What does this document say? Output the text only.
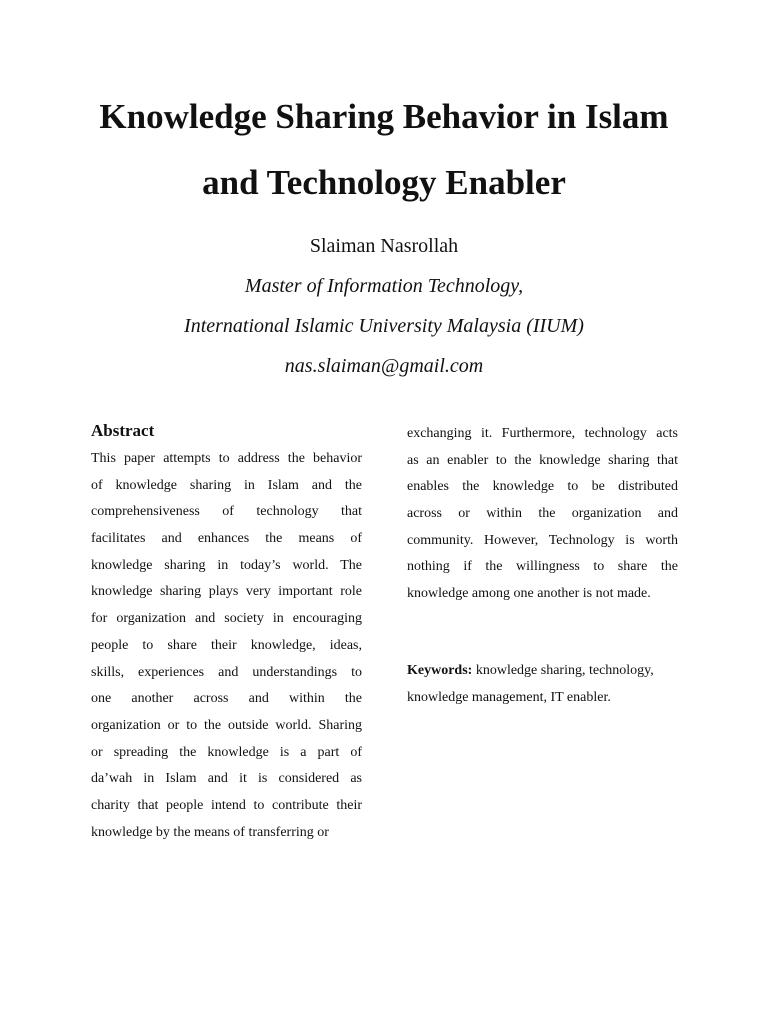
Knowledge Sharing Behavior in Islam
and Technology Enabler
Slaiman Nasrollah
Master of Information Technology,
International Islamic University Malaysia (IIUM)
nas.slaiman@gmail.com
Abstract
This paper attempts to address the behavior
of knowledge sharing in Islam and the
comprehensiveness of technology that
facilitates and enhances the means of
knowledge sharing in today’s world. The
knowledge sharing plays very important role
for organization and society in encouraging
people to share their knowledge, ideas,
skills, experiences and understandings to
one another across and within the
organization or to the outside world. Sharing
or spreading the knowledge is a part of
da’wah in Islam and it is considered as
charity that people intend to contribute their
knowledge by the means of transferring or
exchanging it. Furthermore, technology acts
as an enabler to the knowledge sharing that
enables the knowledge to be distributed
across or within the organization and
community. However, Technology is worth
nothing if the willingness to share the
knowledge among one another is not made.
Keywords: knowledge sharing, technology,
knowledge management, IT enabler.
